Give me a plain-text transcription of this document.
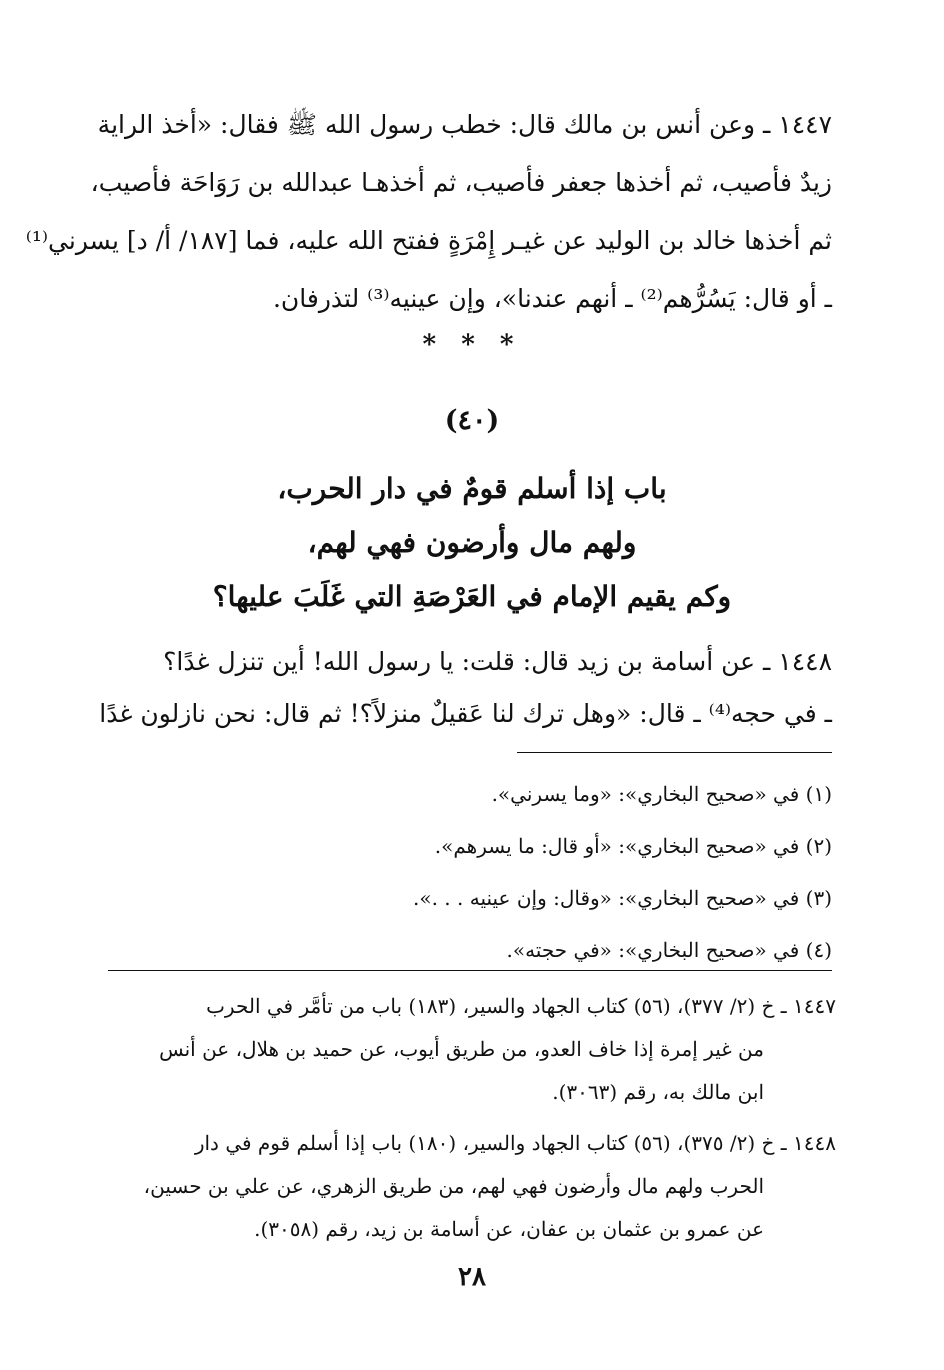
١٤٤٧ ـ وعن أنس بن مالك قال: خطب رسول الله ﷺ فقال: «أخذ الراية
زيدٌ فأصيب، ثم أخذها جعفر فأصيب، ثم أخذهـا عبدالله بن رَوَاحَة فأصيب،
ثم أخذها خالد بن الوليد عن غيـر إِمْرَةٍ ففتح الله عليه، فما [١٨٧/ أ/ د] يسرني⁽¹⁾
ـ أو قال: يَسُرُّهم⁽²⁾ ـ أنهم عندنا»، وإن عينيه⁽³⁾ لتذرفان.
* * *
(٤٠)
باب إذا أسلم قومٌ في دار الحرب،
ولهم مال وأرضون فهي لهم،
وكم يقيم الإمام في العَرْصَةِ التي غَلَبَ عليها؟
١٤٤٨ ـ عن أسامة بن زيد قال: قلت: يا رسول الله! أين تنزل غدًا؟
ـ في حجه⁽⁴⁾ ـ قال: «وهل ترك لنا عَقيلٌ منزلاً؟! ثم قال: نحن نازلون غدًا
(١) في «صحيح البخاري»: «وما يسرني».
(٢) في «صحيح البخاري»: «أو قال: ما يسرهم».
(٣) في «صحيح البخاري»: «وقال: وإن عينيه . . .».
(٤) في «صحيح البخاري»: «في حجته».
١٤٤٧ ـ خ (٢/ ٣٧٧)، (٥٦) كتاب الجهاد والسير، (١٨٣) باب من تأمَّر في الحرب
من غير إمرة إذا خاف العدو، من طريق أيوب، عن حميد بن هلال، عن أنس
ابن مالك به، رقم (٣٠٦٣).
١٤٤٨ ـ خ (٢/ ٣٧٥)، (٥٦) كتاب الجهاد والسير، (١٨٠) باب إذا أسلم قوم في دار
الحرب ولهم مال وأرضون فهي لهم، من طريق الزهري، عن علي بن حسين،
عن عمرو بن عثمان بن عفان، عن أسامة بن زيد، رقم (٣٠٥٨).
٢٨
